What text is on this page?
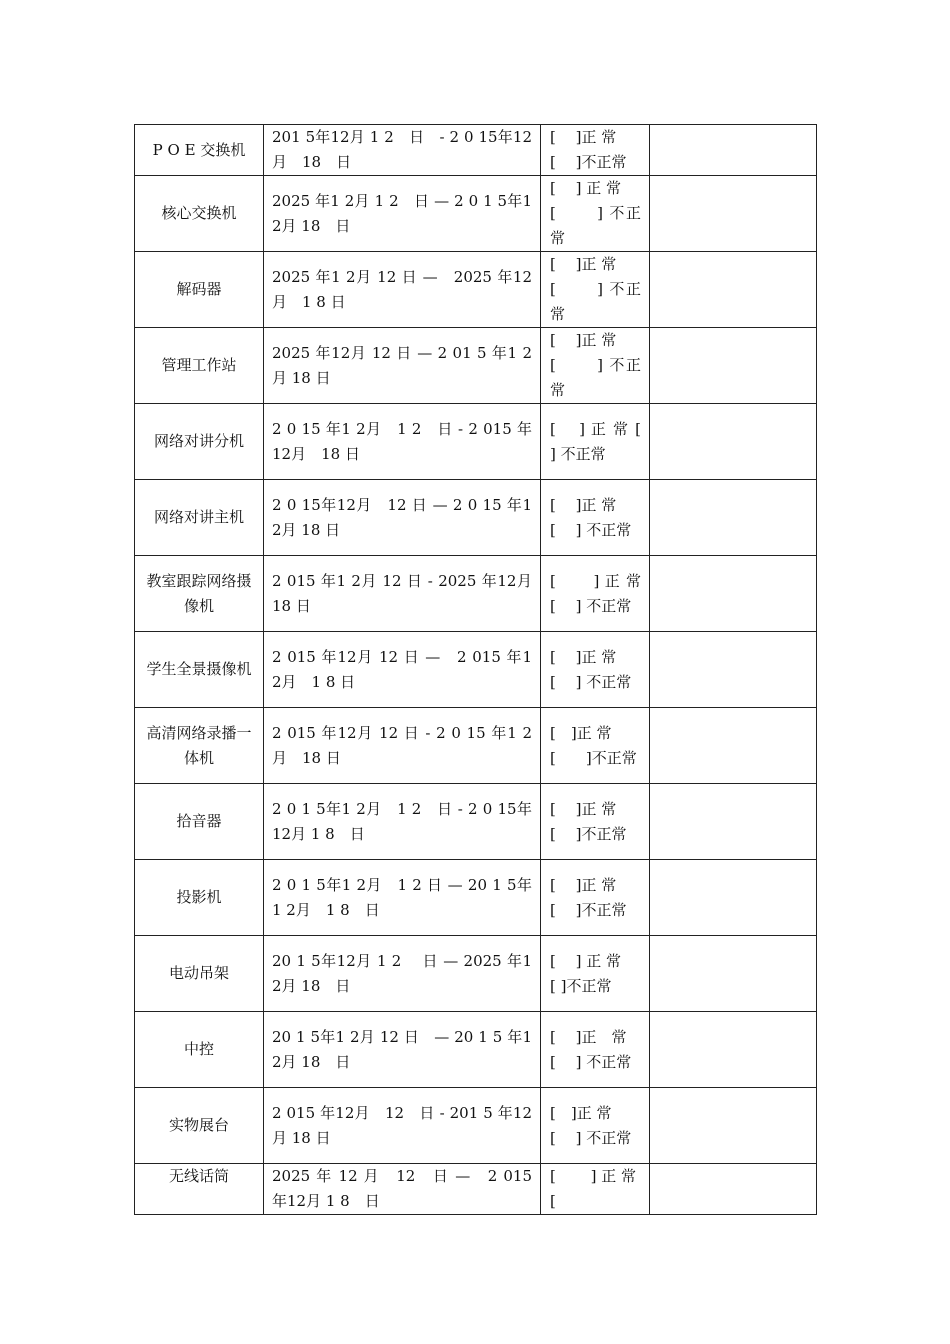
P O E 交换机	201 5年12月 1 2　日　- 2 0 15年12月　18　日	[　 ]正 常
[　 ]不正常	

核心交换机	2025 年1 2月 1 2　日 — 2 0 1 5年1 2月 18　日	[　 ] 正 常
[　　 ] 不正常	
解码器	2025 年1 2月 12 日 —　2025 年12月　1 8 日	[　 ]正 常
[　　 ] 不正常	
管理工作站	2025 年12月 12 日 — 2 01 5 年1 2月 18 日	[　 ]正 常
[　　 ] 不正常	
网络对讲分机	2 0 15 年1 2月　1 2　日 - 2 015 年12月　18 日	[　 ] 正 常 [　 ] 不正常	
网络对讲主机	2 0 15年12月　12 日 — 2 0 15 年12月 18 日	[　 ]正 常
[　 ] 不正常	
教室跟踪网络摄像机	2 015 年1 2月 12 日 - 2025 年12月　18 日	[　　 ] 正 常 [　 ] 不正常	
学生全景摄像机	2 015 年12月 12 日 —　2 015 年1 2月　1 8 日	[　 ]正 常
[　 ] 不正常	
高清网络录播一体机	2 015 年12月 12 日 - 2 0 15 年1 2月　18 日	[　]正 常
[　　]不正常	
拾音器	2 0 1 5年1 2月　1 2　日 - 2 0 15年12月 1 8　日	[　 ]正 常
[　 ]不正常	
投影机	2 0 1 5年1 2月　1 2 日 — 20 1 5年1 2月　1 8　日	[　 ]正 常
[　 ]不正常	
电动吊架	20 1 5年12月 1 2　 日 — 2025 年1 2月 18　日	[　 ] 正 常　　 [ ]不正常	
中控	20 1 5年1 2月 12 日　— 20 1 5 年12月 18　日	[　 ]正　常
[　 ] 不正常	
实物展台	2 015 年12月　12　日 - 201 5 年12月 18 日	[　]正 常
[　 ] 不正常	
无线话筒	2025 年 12 月　12　日 —　2 015 年12月 1 8　日	[　　 ] 正 常　　 [	
